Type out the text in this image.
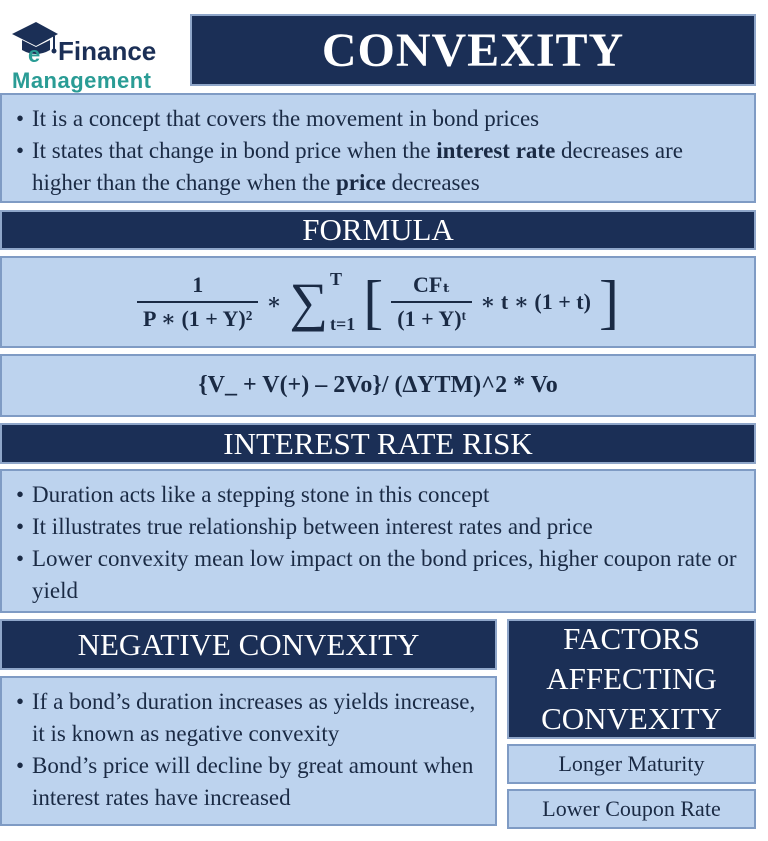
e Finance
Management
CONVEXITY
• It is a concept that covers the movement in bond prices
• It states that change in bond price when the interest rate decreases are higher than the change when the price decreases
FORMULA
$\frac{1}{\text{P ∗ (1 + Y)²}}$ ∗ ∑ T
t=1 [ $\frac{\text{CFₜ}}{\text{(1 + Y)ᵗ}}$ ∗ t ∗ (1 + t) ]
{V_ + V(+) – 2Vo}/ (∆YTM)^2 * Vo
INTEREST RATE RISK
• Duration acts like a stepping stone in this concept
• It illustrates true relationship between interest rates and price
• Lower convexity mean low impact on the bond prices, higher coupon rate or yield
NEGATIVE CONVEXITY
• If a bond’s duration increases as yields increase, it is known as negative convexity
• Bond’s price will decline by great amount when interest rates have increased
FACTORS AFFECTING CONVEXITY
Longer Maturity
Lower Coupon Rate
